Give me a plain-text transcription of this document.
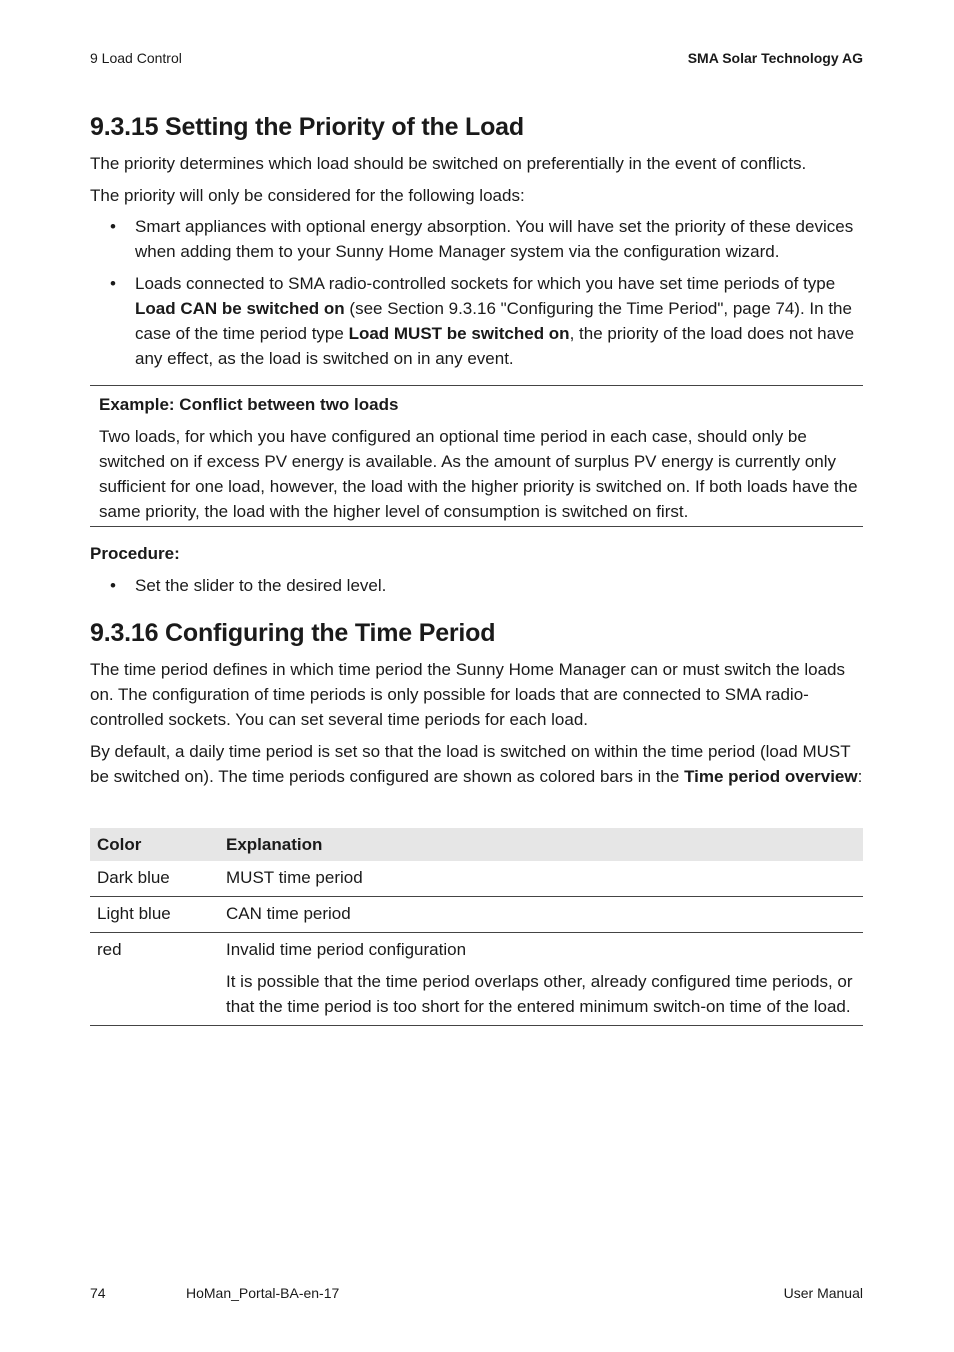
9 Load Control	SMA Solar Technology AG
9.3.15 Setting the Priority of the Load

The priority determines which load should be switched on preferentially in the event of conflicts.

The priority will only be considered for the following loads:

• Smart appliances with optional energy absorption. You will have set the priority of these devices when adding them to your Sunny Home Manager system via the configuration wizard.
• Loads connected to SMA radio-controlled sockets for which you have set time periods of type Load CAN be switched on (see Section 9.3.16 "Configuring the Time Period", page 74). In the case of the time period type Load MUST be switched on, the priority of the load does not have any effect, as the load is switched on in any event.
Example: Conflict between two loads
Two loads, for which you have configured an optional time period in each case, should only be switched on if excess PV energy is available. As the amount of surplus PV energy is currently only sufficient for one load, however, the load with the higher priority is switched on. If both loads have the same priority, the load with the higher level of consumption is switched on first.

Procedure:

• Set the slider to the desired level.
9.3.16 Configuring the Time Period

The time period defines in which time period the Sunny Home Manager can or must switch the loads on. The configuration of time periods is only possible for loads that are connected to SMA radio-controlled sockets. You can set several time periods for each load.

By default, a daily time period is set so that the load is switched on within the time period (load MUST be switched on). The time periods configured are shown as colored bars in the Time period overview:

Color	Explanation
Dark blue	MUST time period
Light blue	CAN time period
red	Invalid time period configuration
It is possible that the time period overlaps other, already configured time periods, or that the time period is too short for the entered minimum switch-on time of the load.
74	HoMan_Portal-BA-en-17	User Manual
